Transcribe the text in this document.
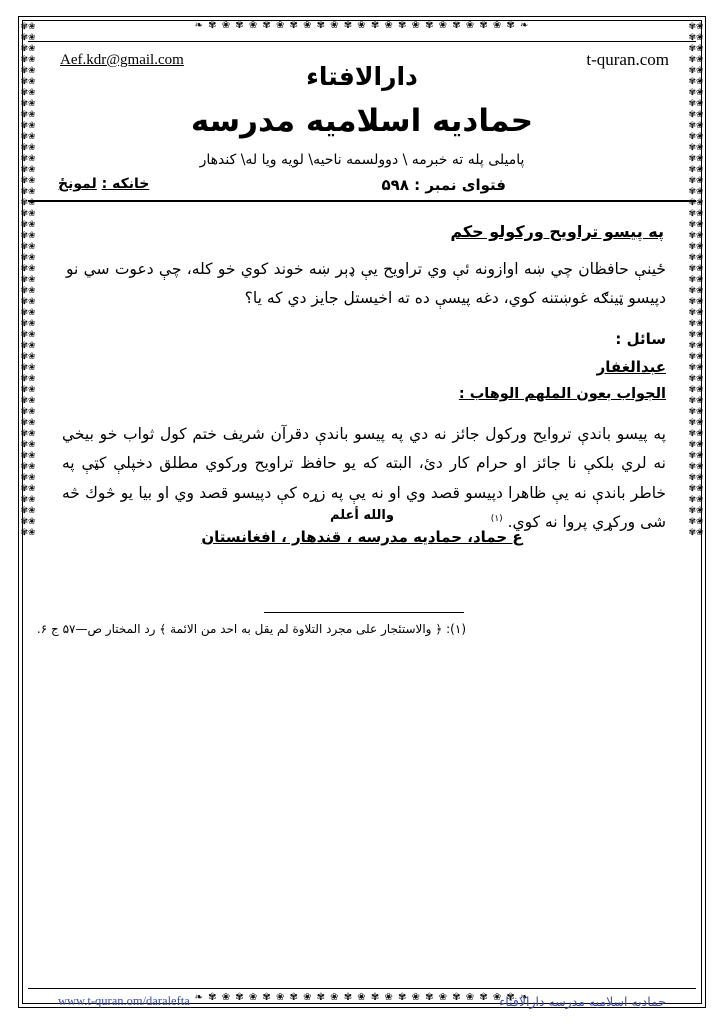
❧ ✾ ❀ ✾ ❀ ✾ ❀ ✾ ❀ ✾ ❀ ✾ ❀ ✾ ❀ ✾ ❀ ✾ ❀ ✾ ❀ ✾ ❀ ✾ ❧
❧ ✾ ❀ ✾ ❀ ✾ ❀ ✾ ❀ ✾ ❀ ✾ ❀ ✾ ❀ ✾ ❀ ✾ ❀ ✾ ❀ ✾ ❀ ✾ ❧
❀✾❀✾❀✾❀✾❀✾❀✾❀✾❀✾❀✾❀✾❀✾❀✾❀✾❀✾❀✾❀✾❀✾❀✾❀✾❀✾❀✾❀✾❀✾❀✾❀✾❀✾❀✾❀✾❀✾❀✾❀✾❀✾❀✾❀✾❀✾❀✾❀✾❀✾❀✾❀✾❀✾❀✾❀✾❀✾❀✾❀✾❀✾
❀✾❀✾❀✾❀✾❀✾❀✾❀✾❀✾❀✾❀✾❀✾❀✾❀✾❀✾❀✾❀✾❀✾❀✾❀✾❀✾❀✾❀✾❀✾❀✾❀✾❀✾❀✾❀✾❀✾❀✾❀✾❀✾❀✾❀✾❀✾❀✾❀✾❀✾❀✾❀✾❀✾❀✾❀✾❀✾❀✾❀✾❀✾
Aef.kdr@gmail.com	t-quran.com
دارالافتاء
حمادیه اسلامیه مدرسه
پاميلى پله ته خبرمه \ دوولسمه ناحيه\ لويه ويا له\ كندهار
فتوای نمبر : ۵۹۸
خانکه : لمونځ
په پيسو تراويح وركولو حكم
ځينې حافظان چي ښه اوازونه ئې وي تراويح يې ډېر ښه خوند كوي خو كله، چې دعوت سي نو دپيسو ټينګه غوښتنه كوي، دغه پيسې ده ته اخيستل جايز دي كه يا؟
سائل :
عبدالغفار
الجواب بعون الملهم الوهاب :
په پيسو باندې تروايح وركول جائز نه دي په پيسو باندې دقرآن شريف ختم كول ثواب خو بيخي نه لري بلكې نا جائز او حرام كار دئ، البته كه يو حافظ تراويح وركوي مطلق دخپلې كټې په خاطر باندې نه يې ظاهرا دپيسو قصد وي او نه يې په زړه كې دپيسو قصد وي او بيا يو څوك څه شى وركړي پروا نه كوي. $^{(۱)}$
والله أعلم
ع حماد، حماديه مدرسه ، قندهار ، افغانستان
(۱): ﴿ والاستئجار على مجرد التلاوة لم يقل به احد من الائمة ﴾ رد المختار ص—۵۷ ج ۶.
www.t-quran.om/daralefta	حماديه اسلاميه مدرسه دارالافتاء
